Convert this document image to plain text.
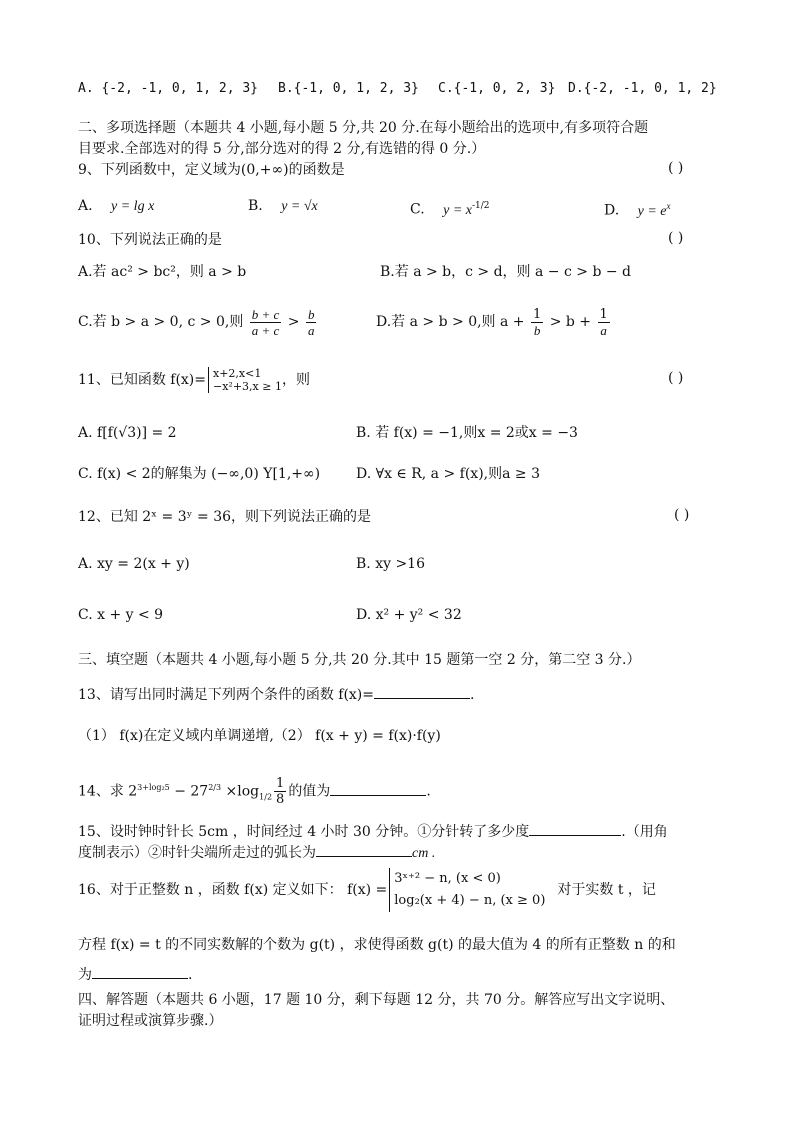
A. {-2, -1, 0, 1, 2, 3} B.{-1, 0, 1, 2, 3} C.{-1, 0, 2, 3} D.{-2, -1, 0, 1, 2}
二、多项选择题（本题共 4 小题,每小题 5 分,共 20 分.在每小题给出的选项中,有多项符合题
目要求.全部选对的得 5 分,部分选对的得 2 分,有选错的得 0 分.）
9、下列函数中，定义域为(0,+∞)的函数是	( )
A. y = lg x	B. y = √x	C. $y = x^{-1/2}$	D. $y = e^x$
10、下列说法正确的是	( )
A.若 ac² > bc²，则 a > b	B.若 a > b，c > d，则 a − c > b − d
C.若 b > a > 0, c > 0,则 $\frac{b + c}{a + c} > \frac{b}{a}$	D.若 a > b > 0,则 $a + \frac{1}{b} > b + \frac{1}{a}$
11、已知函数 f(x)= x+2,x<1
−x²+3,x ≥ 1 ，则	( )
A. f[f(√3)] = 2	B. 若 f(x) = −1,则x = 2或x = −3
C. f(x) < 2的解集为 (−∞,0) Y[1,+∞)	D. ∀x ∈ R, a > f(x),则a ≥ 3
12、已知 2ˣ = 3ʸ = 36，则下列说法正确的是	( )
A. xy = 2(x + y)	B. xy >16
C. x + y < 9	D. x² + y² < 32
三、填空题（本题共 4 小题,每小题 5 分,共 20 分.其中 15 题第一空 2 分，第二空 3 分.）
13、请写出同时满足下列两个条件的函数 f(x)=	.
（1） f(x)在定义域内单调递增,（2） f(x + y) = f(x)·f(y)
14、求 $2^{3+log_25} - 27^{2/3} \times\log_{1/2} \frac{1}{8}$ 的值为	.
15、设时钟时针长 5cm ，时间经过 4 小时 30 分钟。①分针转了多少度	.（用角
度制表示）②时针尖端所走过的弧长为	cm .
16、对于正整数 n ，函数 f(x) 定义如下： f(x) =
3ˣ⁺² − n, (x < 0)
log₂(x + 4) − n, (x ≥ 0)
对于实数 t ，记
方程 f(x) = t 的不同实数解的个数为 g(t) ，求使得函数 g(t) 的最大值为 4 的所有正整数 n 的和
为	.
四、解答题（本题共 6 小题，17 题 10 分，剩下每题 12 分，共 70 分。解答应写出文字说明、
证明过程或演算步骤.）
